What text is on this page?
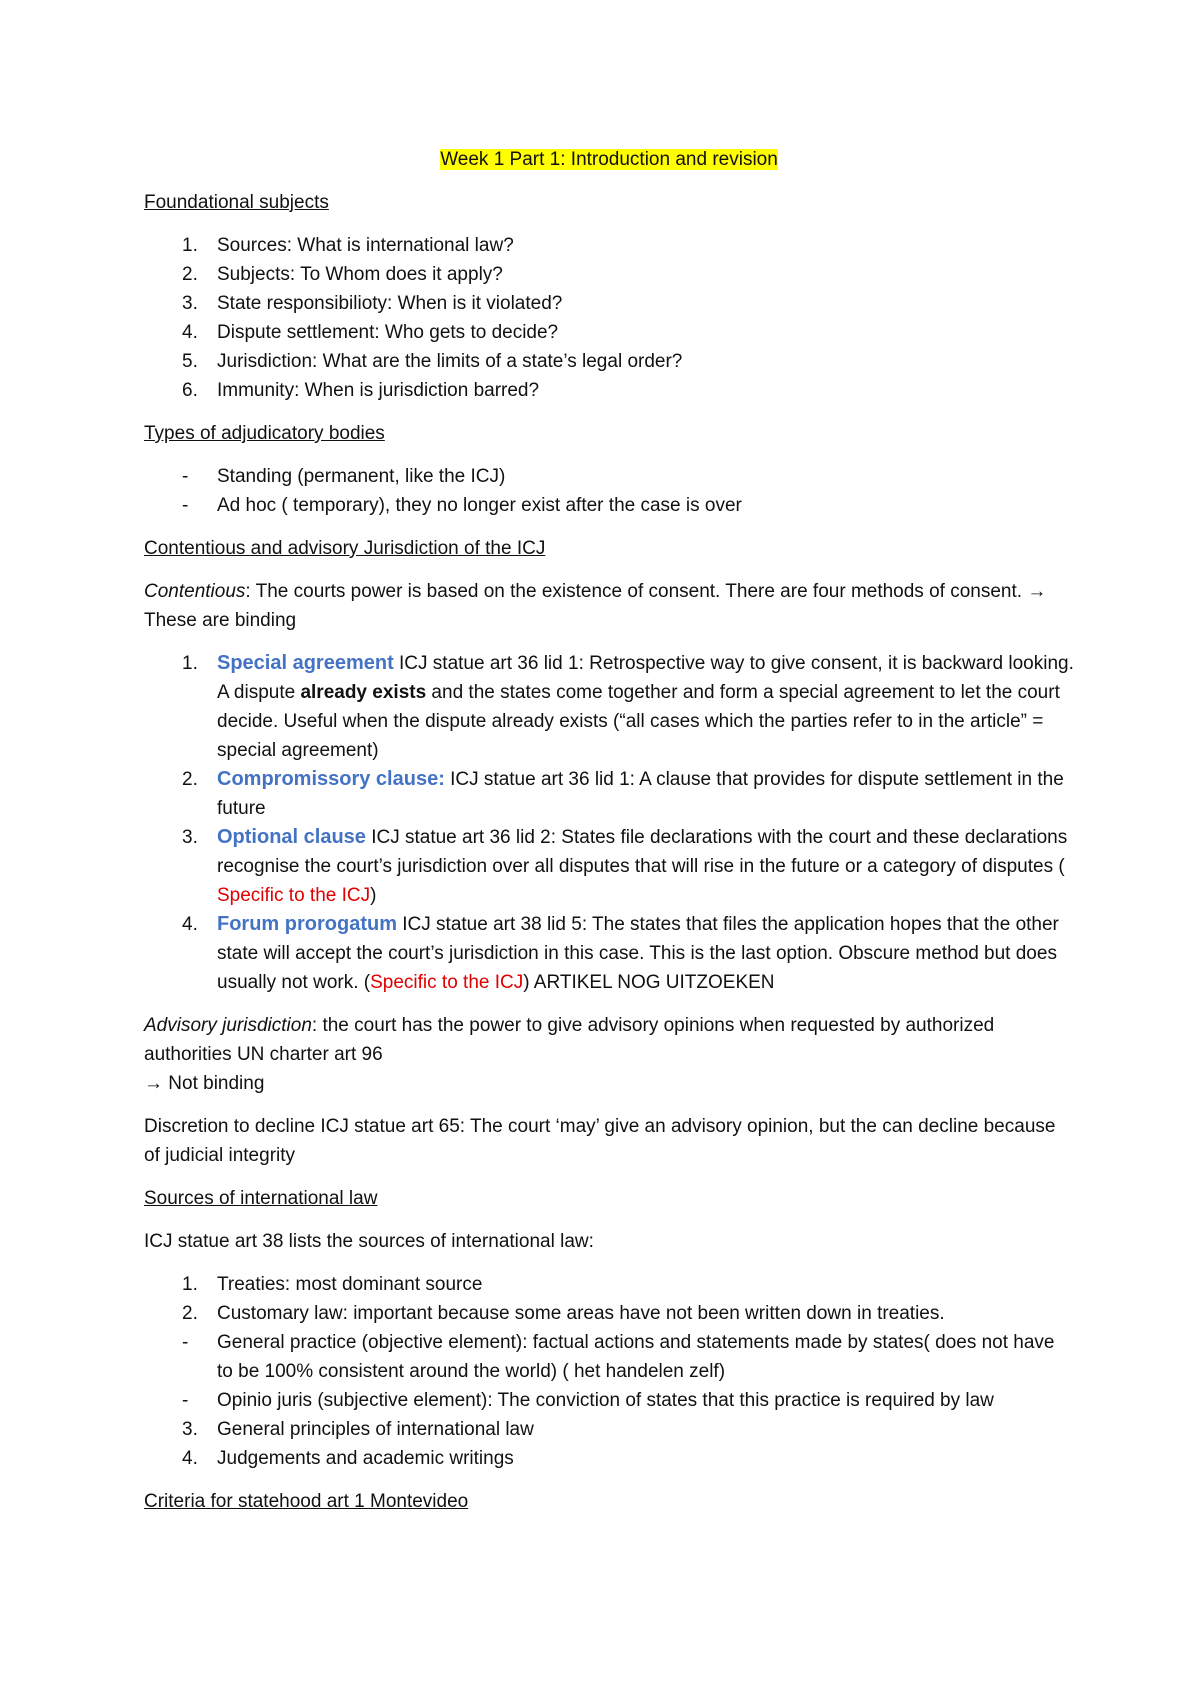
Week 1 Part 1: Introduction and revision
Foundational subjects
1. Sources: What is international law?
2. Subjects: To Whom does it apply?
3. State responsibilioty: When is it violated?
4. Dispute settlement: Who gets to decide?
5. Jurisdiction: What are the limits of a state’s legal order?
6. Immunity: When is jurisdiction barred?
Types of adjudicatory bodies
- Standing (permanent, like the ICJ)
- Ad hoc ( temporary), they no longer exist after the case is over
Contentious and advisory Jurisdiction of the ICJ

Contentious: The courts power is based on the existence of consent. There are four methods of consent. → These are binding

1. Special agreement ICJ statue art 36 lid 1: Retrospective way to give consent, it is backward looking. A dispute already exists and the states come together and form a special agreement to let the court decide. Useful when the dispute already exists (“all cases which the parties refer to in the article” = special agreement)
2. Compromissory clause: ICJ statue art 36 lid 1: A clause that provides for dispute settlement in the future
3. Optional clause ICJ statue art 36 lid 2: States file declarations with the court and these declarations recognise the court’s jurisdiction over all disputes that will rise in the future or a category of disputes ( Specific to the ICJ)
4. Forum prorogatum ICJ statue art 38 lid 5: The states that files the application hopes that the other state will accept the court’s jurisdiction in this case. This is the last option. Obscure method but does usually not work. (Specific to the ICJ) ARTIKEL NOG UITZOEKEN

Advisory jurisdiction: the court has the power to give advisory opinions when requested by authorized authorities UN charter art 96
→ Not binding

Discretion to decline ICJ statue art 65: The court ‘may’ give an advisory opinion, but the can decline because of judicial integrity

Sources of international law

ICJ statue art 38 lists the sources of international law:

1. Treaties: most dominant source
2. Customary law: important because some areas have not been written down in treaties.
- General practice (objective element): factual actions and statements made by states( does not have to be 100% consistent around the world) ( het handelen zelf)
- Opinio juris (subjective element): The conviction of states that this practice is required by law
3. General principles of international law
4. Judgements and academic writings
Criteria for statehood art 1 Montevideo
